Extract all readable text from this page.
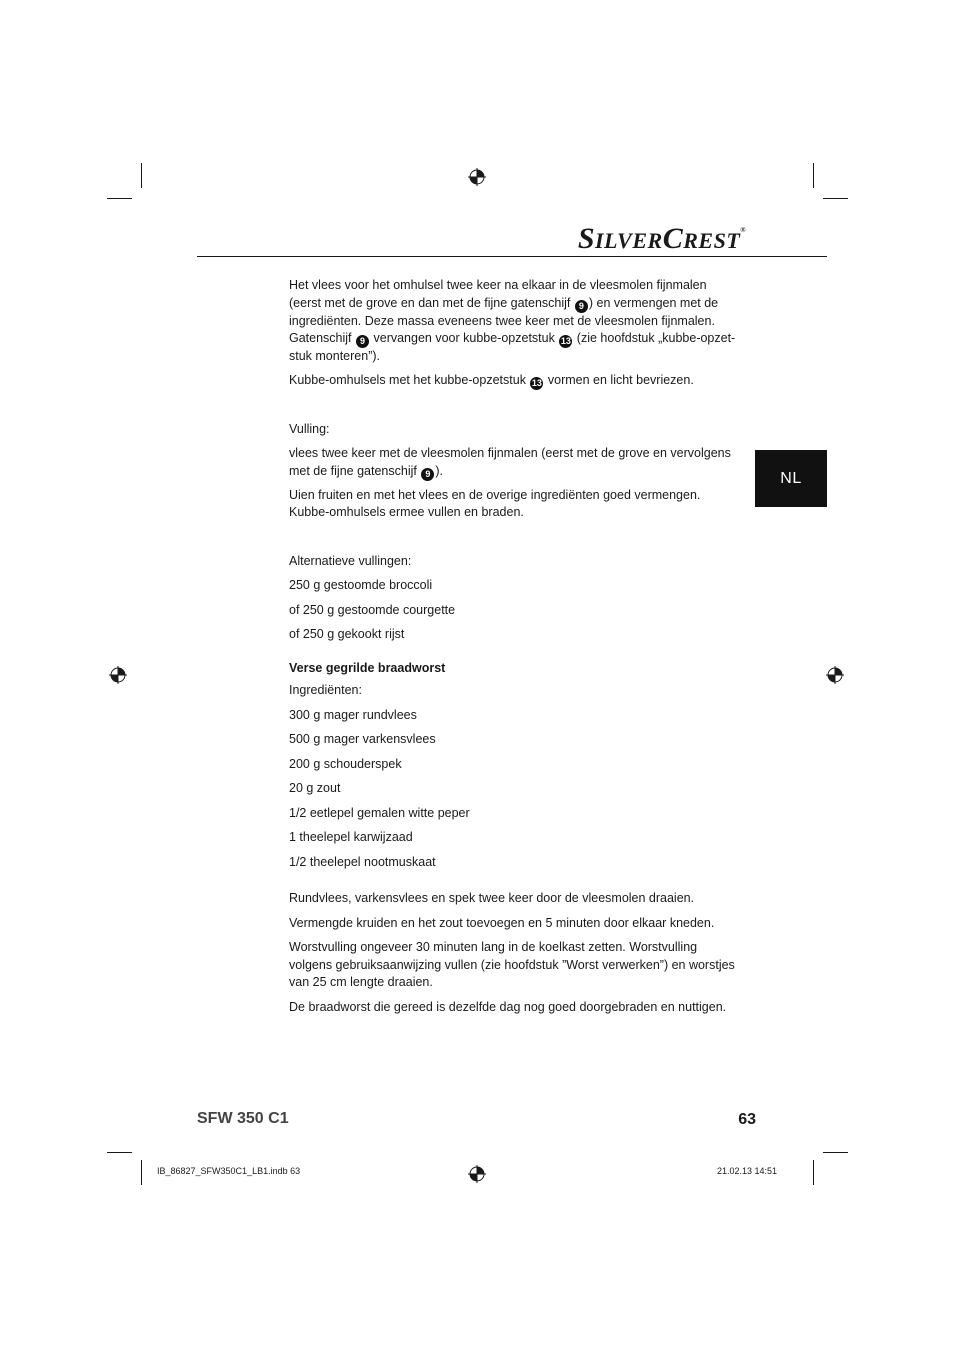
SILVERCREST®
NL

Het vlees voor het omhulsel twee keer na elkaar in de vleesmolen fijnmalen (eerst met de grove en dan met de fijne gatenschijf 9 ) en vermengen met de ingrediënten. Deze massa eveneens twee keer met de vleesmolen fijnmalen. Gatenschijf 9 vervangen voor kubbe-opzetstuk 13 (zie hoofdstuk „kubbe-opzet-stuk monteren”).

Kubbe-omhulsels met het kubbe-opzetstuk 13 vormen en licht bevriezen.

Vulling:

vlees twee keer met de vleesmolen fijnmalen (eerst met de grove en vervolgens met de fijne gatenschijf 9 ).

Uien fruiten en met het vlees en de overige ingrediënten goed vermengen. Kubbe-omhulsels ermee vullen en braden.

Alternatieve vullingen:

250 g gestoomde broccoli

of 250 g gestoomde courgette

of 250 g gekookt rijst

Verse gegrilde braadworst

Ingrediënten:

300 g mager rundvlees

500 g mager varkensvlees

200 g schouderspek

20 g zout

1/2 eetlepel gemalen witte peper

1 theelepel karwijzaad

1/2 theelepel nootmuskaat

Rundvlees, varkensvlees en spek twee keer door de vleesmolen draaien.

Vermengde kruiden en het zout toevoegen en 5 minuten door elkaar kneden.

Worstvulling ongeveer 30 minuten lang in de koelkast zetten. Worstvulling volgens gebruiksaanwijzing vullen (zie hoofdstuk ”Worst verwerken”) en worstjes van 25 cm lengte draaien.

De braadworst die gereed is dezelfde dag nog goed doorgebraden en nuttigen.

SFW 350 C1	63
IB_86827_SFW350C1_LB1.indb 63	21.02.13 14:51
